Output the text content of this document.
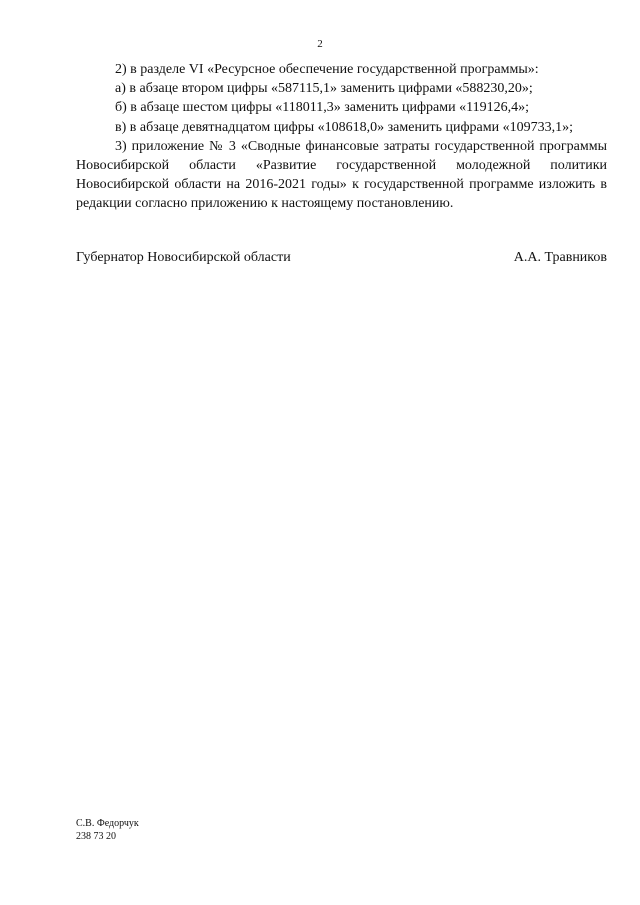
2

2) в разделе VI «Ресурсное обеспечение государственной программы»:

а) в абзаце втором цифры «587115,1» заменить цифрами «588230,20»;

б) в абзаце шестом цифры «118011,3» заменить цифрами «119126,4»;

в) в абзаце девятнадцатом цифры «108618,0» заменить цифрами «109733,1»;

3) приложение № 3 «Сводные финансовые затраты государственной программы Новосибирской области «Развитие государственной молодежной политики Новосибирской области на 2016-2021 годы» к государственной программе изложить в редакции согласно приложению к настоящему постановлению.

Губернатор Новосибирской области	А.А. Травников
С.В. Федорчук
238 73 20
